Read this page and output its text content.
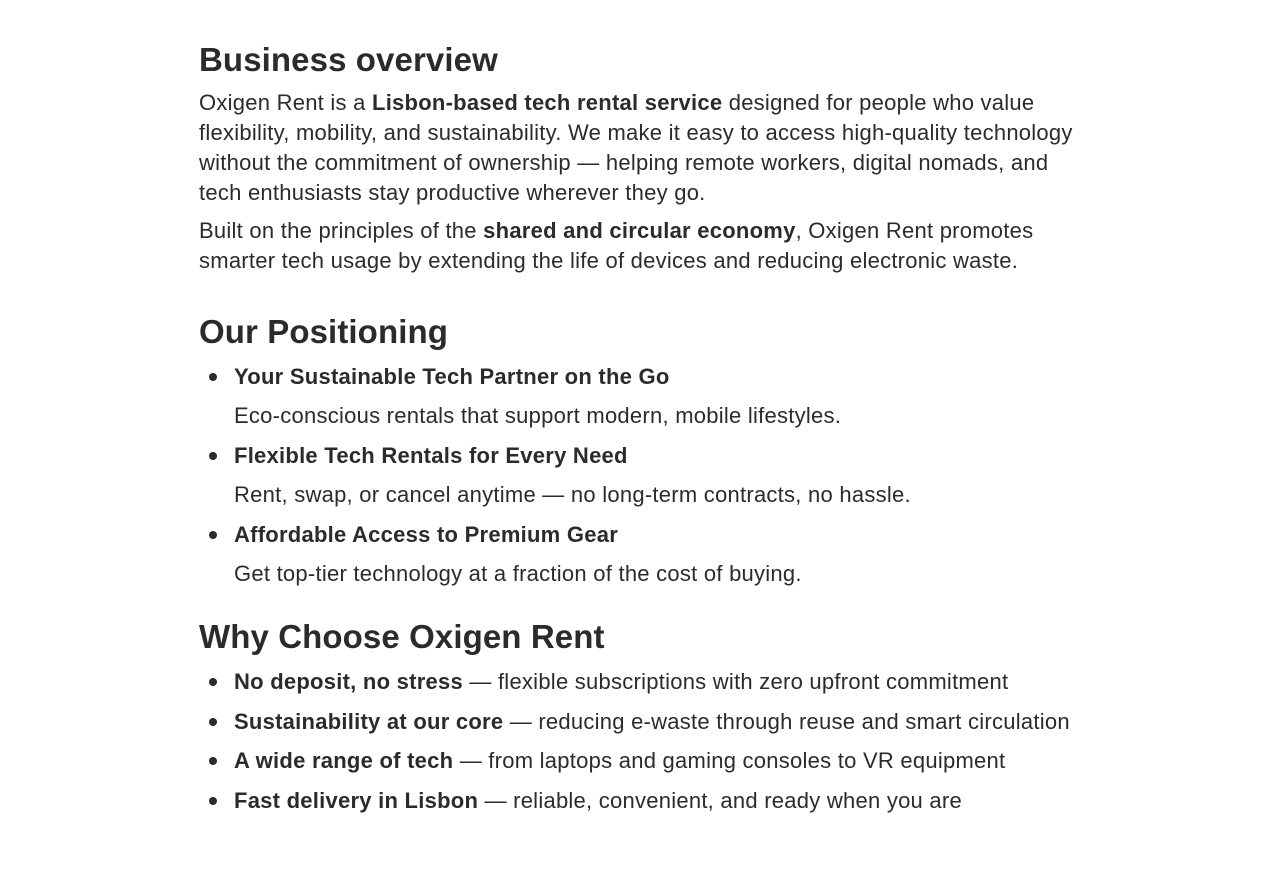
Business overview

Oxigen Rent is a Lisbon-based tech rental service designed for people who value flexibility, mobility, and sustainability. We make it easy to access high-quality technology without the commitment of ownership — helping remote workers, digital nomads, and tech enthusiasts stay productive wherever they go.

Built on the principles of the shared and circular economy, Oxigen Rent promotes smarter tech usage by extending the life of devices and reducing electronic waste.

Our Positioning
Your Sustainable Tech Partner on the Go
Eco-conscious rentals that support modern, mobile lifestyles.
Flexible Tech Rentals for Every Need
Rent, swap, or cancel anytime — no long-term contracts, no hassle.
Affordable Access to Premium Gear
Get top-tier technology at a fraction of the cost of buying.
Why Choose Oxigen Rent
No deposit, no stress — flexible subscriptions with zero upfront commitment
Sustainability at our core — reducing e-waste through reuse and smart circulation
A wide range of tech — from laptops and gaming consoles to VR equipment
Fast delivery in Lisbon — reliable, convenient, and ready when you are
